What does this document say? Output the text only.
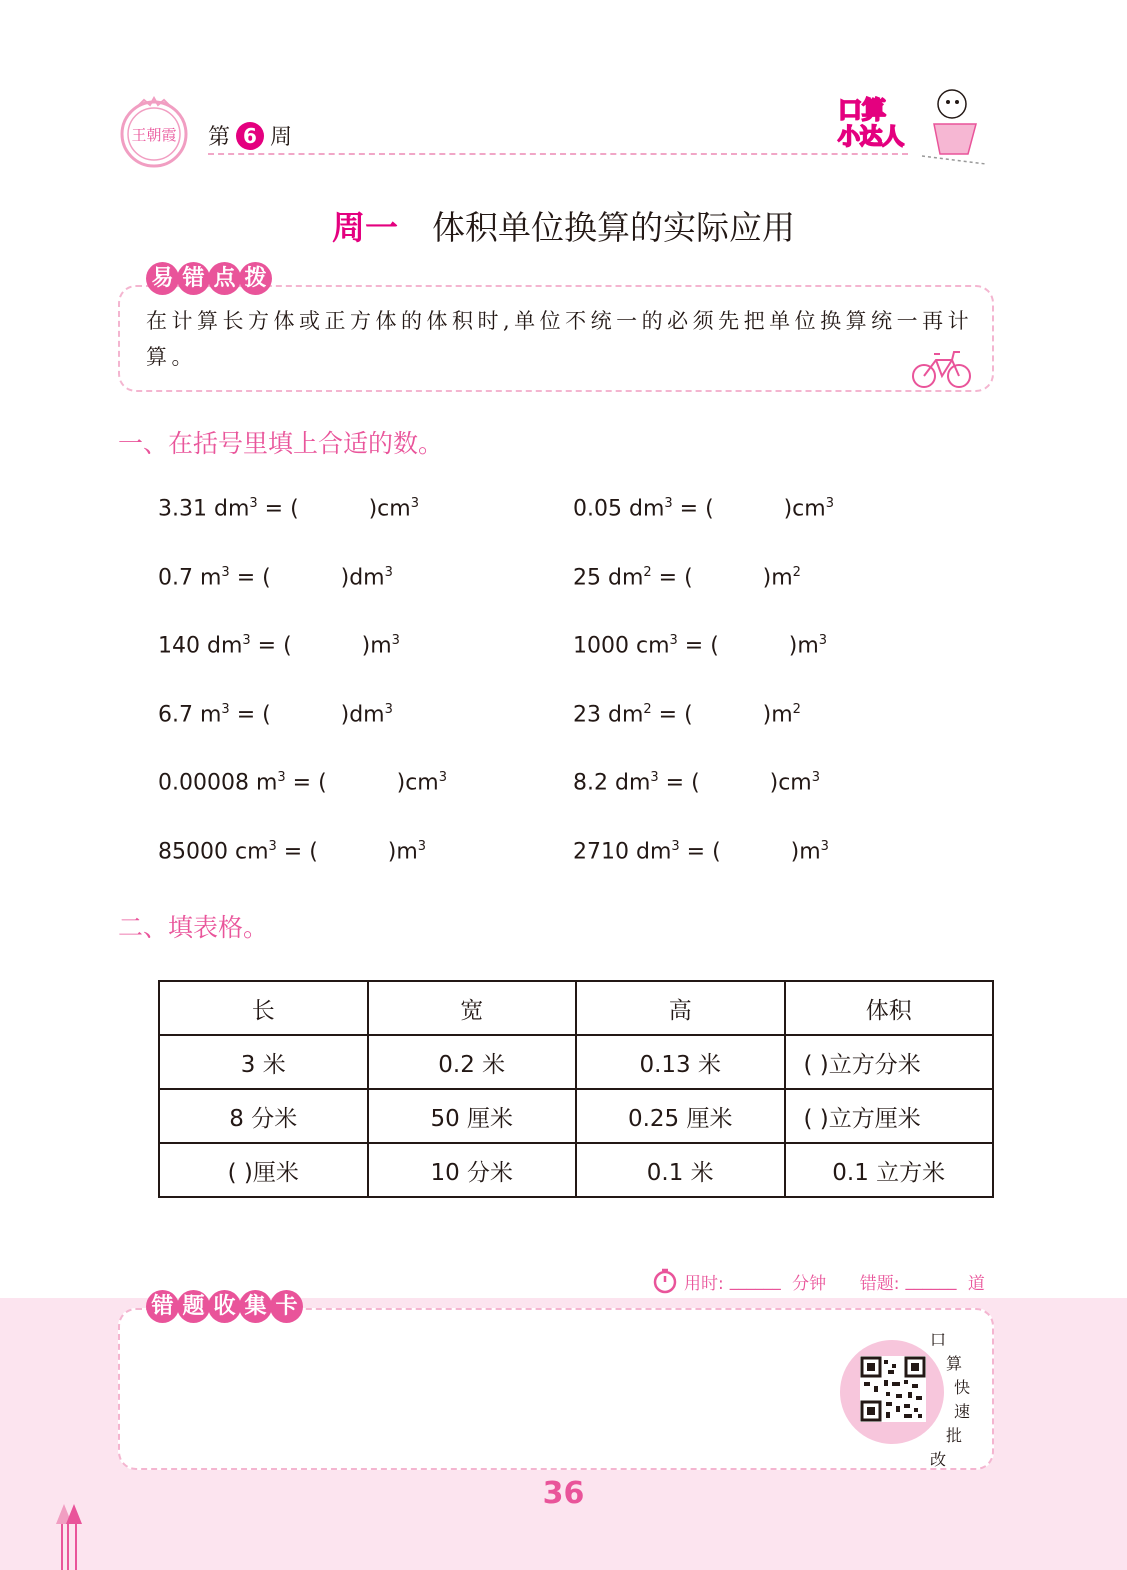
王朝霞 第 6 周
口算
小达人
周一 体积单位换算的实际应用
易 错 点 拨
在计算长方体或正方体的体积时,单位不统一的必须先把单位换算统一再计算。
一、在括号里填上合适的数。
3.31 $dm^3$ = (          )$cm^3$	0.05 $dm^3$ = (          )$cm^3$
0.7 $m^3$ = (          )$dm^3$	25 $dm^2$ = (          )$m^2$
140 $dm^3$ = (          )$m^3$	1000 $cm^3$ = (          )$m^3$
6.7 $m^3$ = (          )$dm^3$	23 $dm^2$ = (          )$m^2$
0.00008 $m^3$ = (          )$cm^3$	8.2 $dm^3$ = (          )$cm^3$
85000 $cm^3$ = (          )$m^3$	2710 $dm^3$ = (          )$m^3$
二、填表格。
长	宽	高	体积
3 米	0.2 米	0.13 米	( )立方分米
8 分米	50 厘米	0.25 厘米	( )立方厘米
( )厘米	10 分米	0.1 米	0.1 立方米
用时: ______ 分钟
错题: ______ 道
错 题 收 集 卡
口
算
快
速
批
改
36
